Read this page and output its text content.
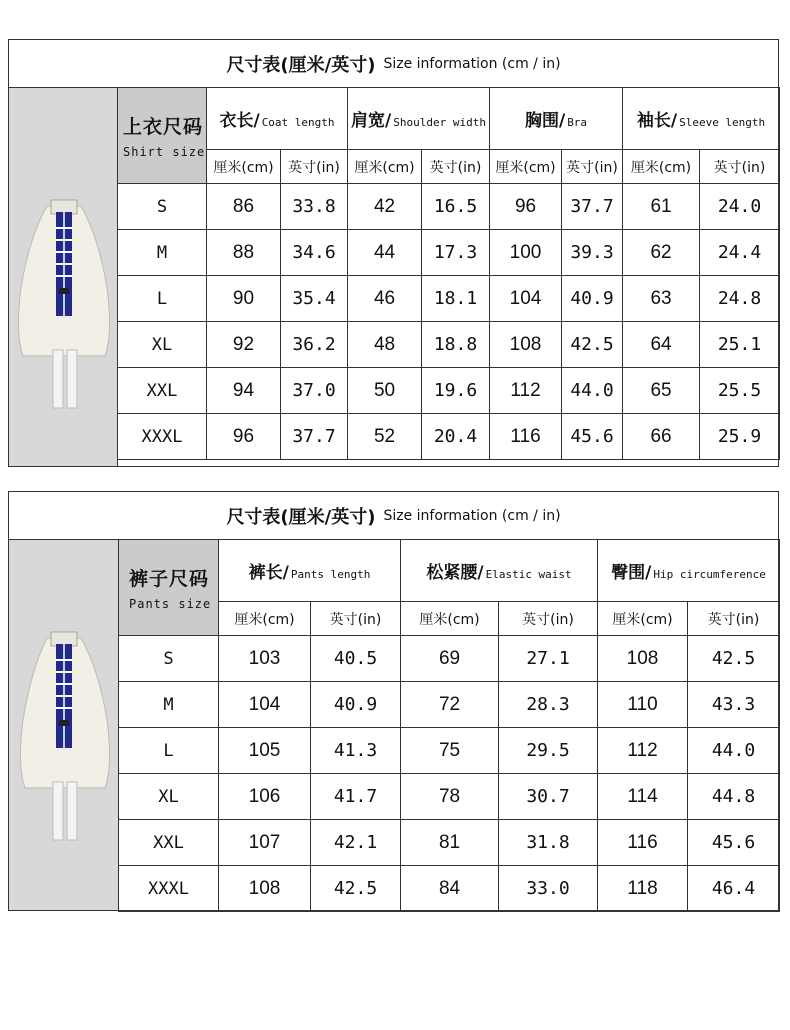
尺寸表(厘米/英寸) Size information (cm / in)
上衣尺码
Shirt size	衣长/ Coat length		肩宽/ Shoulder width		胸围/ Bra		袖长/ Sleeve length	
	厘米(cm)	英寸(in)	厘米(cm)	英寸(in)	厘米(cm)	英寸(in)	厘米(cm)	英寸(in)
S	86	33.8	42	16.5	96	37.7	61	24.0
M	88	34.6	44	17.3	100	39.3	62	24.4
L	90	35.4	46	18.1	104	40.9	63	24.8
XL	92	36.2	48	18.8	108	42.5	64	25.1
XXL	94	37.0	50	19.6	112	44.0	65	25.5
XXXL	96	37.7	52	20.4	116	45.6	66	25.9
尺寸表(厘米/英寸) Size information (cm / in)
裤子尺码
Pants size	裤长/ Pants length		松紧腰/ Elastic waist		臀围/ Hip circumference	
	厘米(cm)	英寸(in)	厘米(cm)	英寸(in)	厘米(cm)	英寸(in)
S	103	40.5	69	27.1	108	42.5
M	104	40.9	72	28.3	110	43.3
L	105	41.3	75	29.5	112	44.0
XL	106	41.7	78	30.7	114	44.8
XXL	107	42.1	81	31.8	116	45.6
XXXL	108	42.5	84	33.0	118	46.4
